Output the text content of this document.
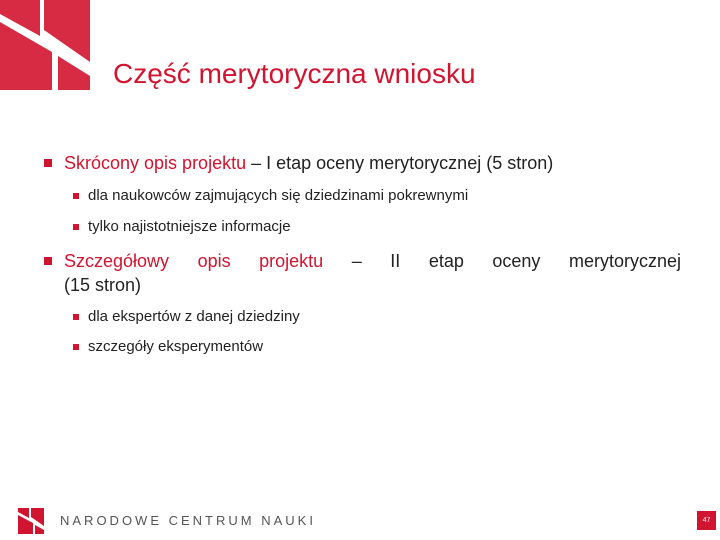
Część merytoryczna wniosku
Skrócony opis projektu – I etap oceny merytorycznej (5 stron)
dla naukowców zajmujących się dziedzinami pokrewnymi
tylko najistotniejsze informacje
Szczegółowy opis projektu – II etap oceny merytorycznej
(15 stron)
dla ekspertów z danej dziedziny
szczegóły eksperymentów
NARODOWE CENTRUM NAUKI	47
